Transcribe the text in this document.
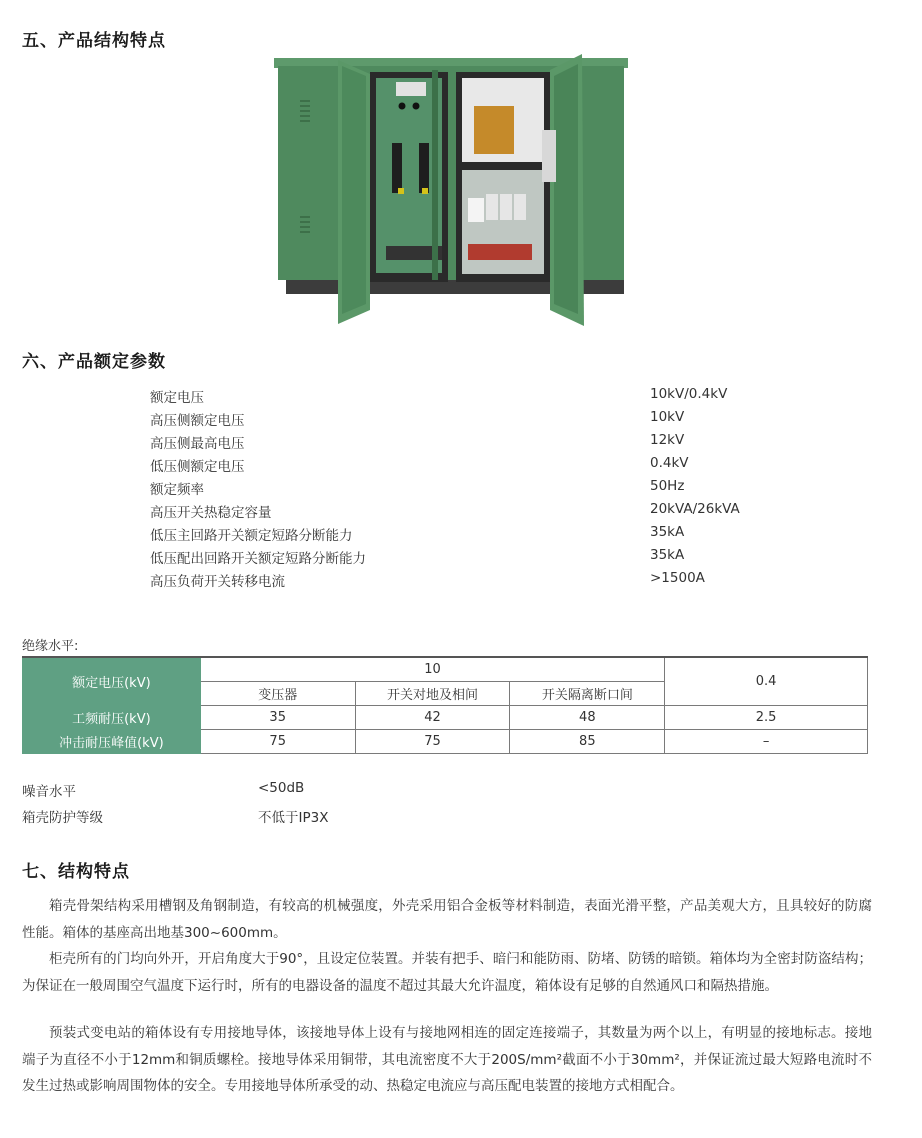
五、产品结构特点
六、产品额定参数
额定电压	10kV/0.4kV
高压侧额定电压	10kV
高压侧最高电压	12kV
低压侧额定电压	0.4kV
额定频率	50Hz
高压开关热稳定容量	20kVA/26kVA
低压主回路开关额定短路分断能力	35kA
低压配出回路开关额定短路分断能力	35kA
高压负荷开关转移电流	>1500A
绝缘水平:
额定电压(kV)	10			0.4
	变压器	开关对地及相间	开关隔离断口间	
工频耐压(kV)	35	42	48	2.5
冲击耐压峰值(kV)	75	75	85	–
噪音水平	<50dB
箱壳防护等级	不低于IP3X
七、结构特点
箱壳骨架结构采用槽钢及角钢制造，有较高的机械强度，外壳采用铝合金板等材料制造，表面光滑平整，产品美观大方，且具较好的防腐性能。箱体的基座高出地基300~600mm。
柜壳所有的门均向外开，开启角度大于90°，且设定位装置。并装有把手、暗闩和能防雨、防堵、防锈的暗锁。箱体均为全密封防盗结构；为保证在一般周围空气温度下运行时，所有的电器设备的温度不超过其最大允许温度，箱体设有足够的自然通风口和隔热措施。
预装式变电站的箱体设有专用接地导体，该接地导体上设有与接地网相连的固定连接端子，其数量为两个以上，有明显的接地标志。接地端子为直径不小于12mm和铜质螺栓。接地导体采用铜带，其电流密度不大于200S/mm²截面不小于30mm²，并保证流过最大短路电流时不发生过热或影响周围物体的安全。专用接地导体所承受的动、热稳定电流应与高压配电装置的接地方式相配合。
